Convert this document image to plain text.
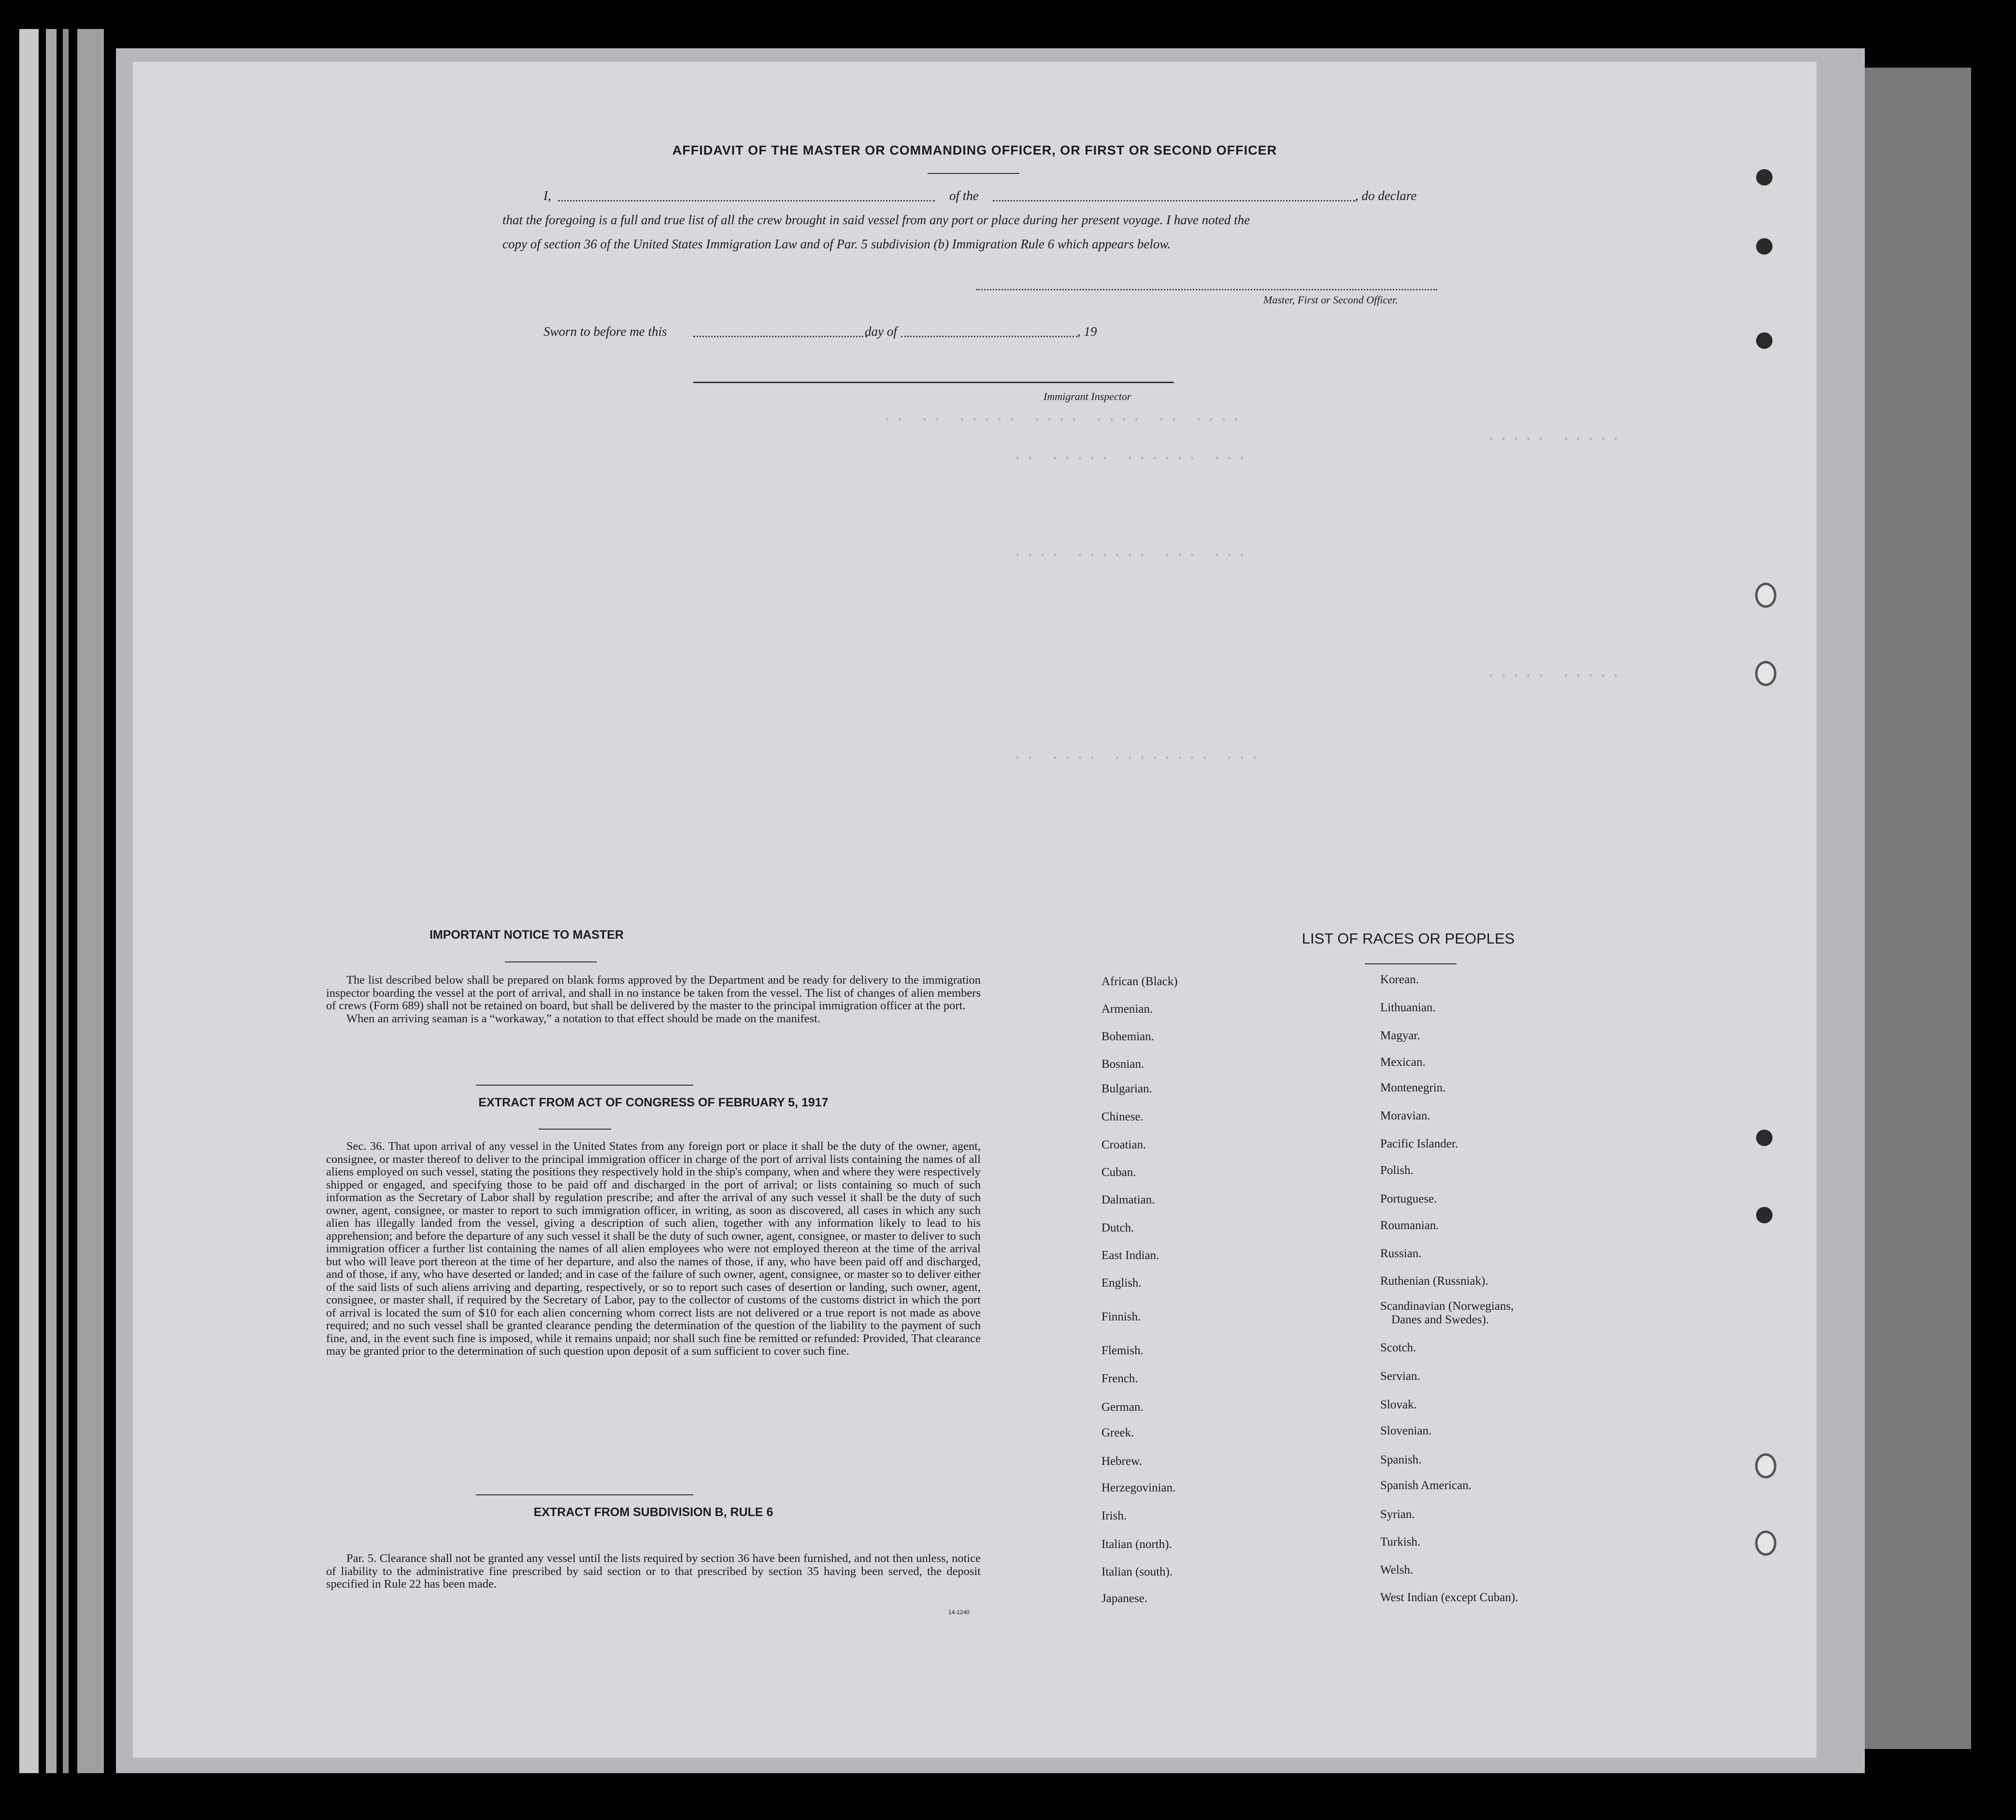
·· ·· ····· ···· ···· ·· ····
·· ····· ······ ···
···· ······ ··· ···
·· ···· ········ ···
····· ·····
····· ·····
AFFIDAVIT OF THE MASTER OR COMMANDING OFFICER, OR FIRST OR SECOND OFFICER
I,	of the	, do declare
that the foregoing is a full and true list of all the crew brought in said vessel from any port or place during her present voyage. I have noted the
copy of section 36 of the United States Immigration Law and of Par. 5 subdivision (b) Immigration Rule 6 which appears below.
Master, First or Second Officer.
Sworn to before me this	day of	, 19
Immigrant Inspector
IMPORTANT NOTICE TO MASTER

The list described below shall be prepared on blank forms approved by the Department and be ready for delivery to the immigration inspector boarding the vessel at the port of arrival, and shall in no instance be taken from the vessel. The list of changes of alien members of crews (Form 689) shall not be retained on board, but shall be delivered by the master to the principal immigration officer at the port.

When an arriving seaman is a “workaway,” a notation to that effect should be made on the manifest.

EXTRACT FROM ACT OF CONGRESS OF FEBRUARY 5, 1917

Sec. 36. That upon arrival of any vessel in the United States from any foreign port or place it shall be the duty of the owner, agent, consignee, or master thereof to deliver to the principal immigration officer in charge of the port of arrival lists containing the names of all aliens employed on such vessel, stating the positions they respectively hold in the ship's company, when and where they were respectively shipped or engaged, and specifying those to be paid off and discharged in the port of arrival; or lists containing so much of such information as the Secretary of Labor shall by regulation prescribe; and after the arrival of any such vessel it shall be the duty of such owner, agent, consignee, or master to report to such immigration officer, in writing, as soon as discovered, all cases in which any such alien has illegally landed from the vessel, giving a description of such alien, together with any information likely to lead to his apprehension; and before the departure of any such vessel it shall be the duty of such owner, agent, consignee, or master to deliver to such immigration officer a further list containing the names of all alien employees who were not employed thereon at the time of the arrival but who will leave port thereon at the time of her departure, and also the names of those, if any, who have been paid off and discharged, and of those, if any, who have deserted or landed; and in case of the failure of such owner, agent, consignee, or master so to deliver either of the said lists of such aliens arriving and departing, respectively, or so to report such cases of desertion or landing, such owner, agent, consignee, or master shall, if required by the Secretary of Labor, pay to the collector of customs of the customs district in which the port of arrival is located the sum of $10 for each alien concerning whom correct lists are not delivered or a true report is not made as above required; and no such vessel shall be granted clearance pending the determination of the question of the liability to the payment of such fine, and, in the event such fine is imposed, while it remains unpaid; nor shall such fine be remitted or refunded: Provided, That clearance may be granted prior to the determination of such question upon deposit of a sum sufficient to cover such fine.

EXTRACT FROM SUBDIVISION B, RULE 6

Par. 5. Clearance shall not be granted any vessel until the lists required by section 36 have been furnished, and not then unless, notice of liability to the administrative fine prescribed by said section or to that prescribed by section 35 having been served, the deposit specified in Rule 22 has been made.

14-1240
LIST OF RACES OR PEOPLES
African (Black)
Armenian.
Bohemian.
Bosnian.
Bulgarian.
Chinese.
Croatian.
Cuban.
Dalmatian.
Dutch.
East Indian.
English.
Finnish.
Flemish.
French.
German.
Greek.
Hebrew.
Herzegovinian.
Irish.
Italian (north).
Italian (south).
Japanese.
Korean.
Lithuanian.
Magyar.
Mexican.
Montenegrin.
Moravian.
Pacific Islander.
Polish.
Portuguese.
Roumanian.
Russian.
Ruthenian (Russniak).
Scandinavian (Norwegians,
Danes and Swedes).
Scotch.
Servian.
Slovak.
Slovenian.
Spanish.
Spanish American.
Syrian.
Turkish.
Welsh.
West Indian (except Cuban).
